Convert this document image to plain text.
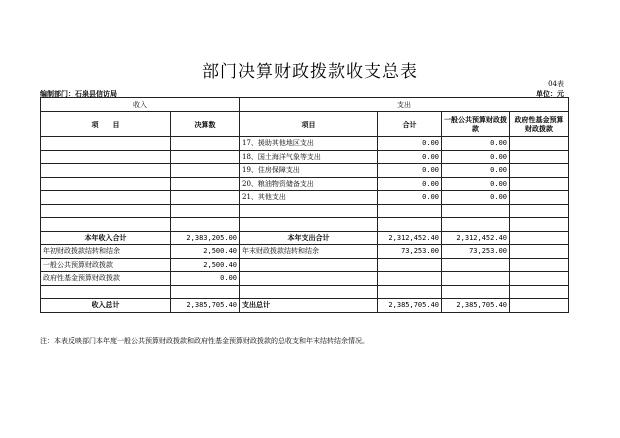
部门决算财政拨款收支总表
04表
编制部门：石泉县信访局	单位：元
收入		支出			
项　　目	决算数	项目	合计	一般公共预算财政拨款	政府性基金预算财政拨款
		17、援助其他地区支出	0.00	0.00	
		18、国土海洋气象等支出	0.00	0.00	
		19、住房保障支出	0.00	0.00	
		20、粮油物资储备支出	0.00	0.00	
		21、其他支出	0.00	0.00	

本年收入合计	2,383,205.00	本年支出合计	2,312,452.40	2,312,452.40	
年初财政拨款结转和结余	2,500.40	年末财政拨款结转和结余	73,253.00	73,253.00	
一般公共预算财政拨款	2,500.40				
政府性基金预算财政拨款	0.00				

收入总计	2,385,705.40	支出总计	2,385,705.40	2,385,705.40	
注：本表反映部门本年度一般公共预算财政拨款和政府性基金预算财政拨款的总收支和年末结转结余情况。
